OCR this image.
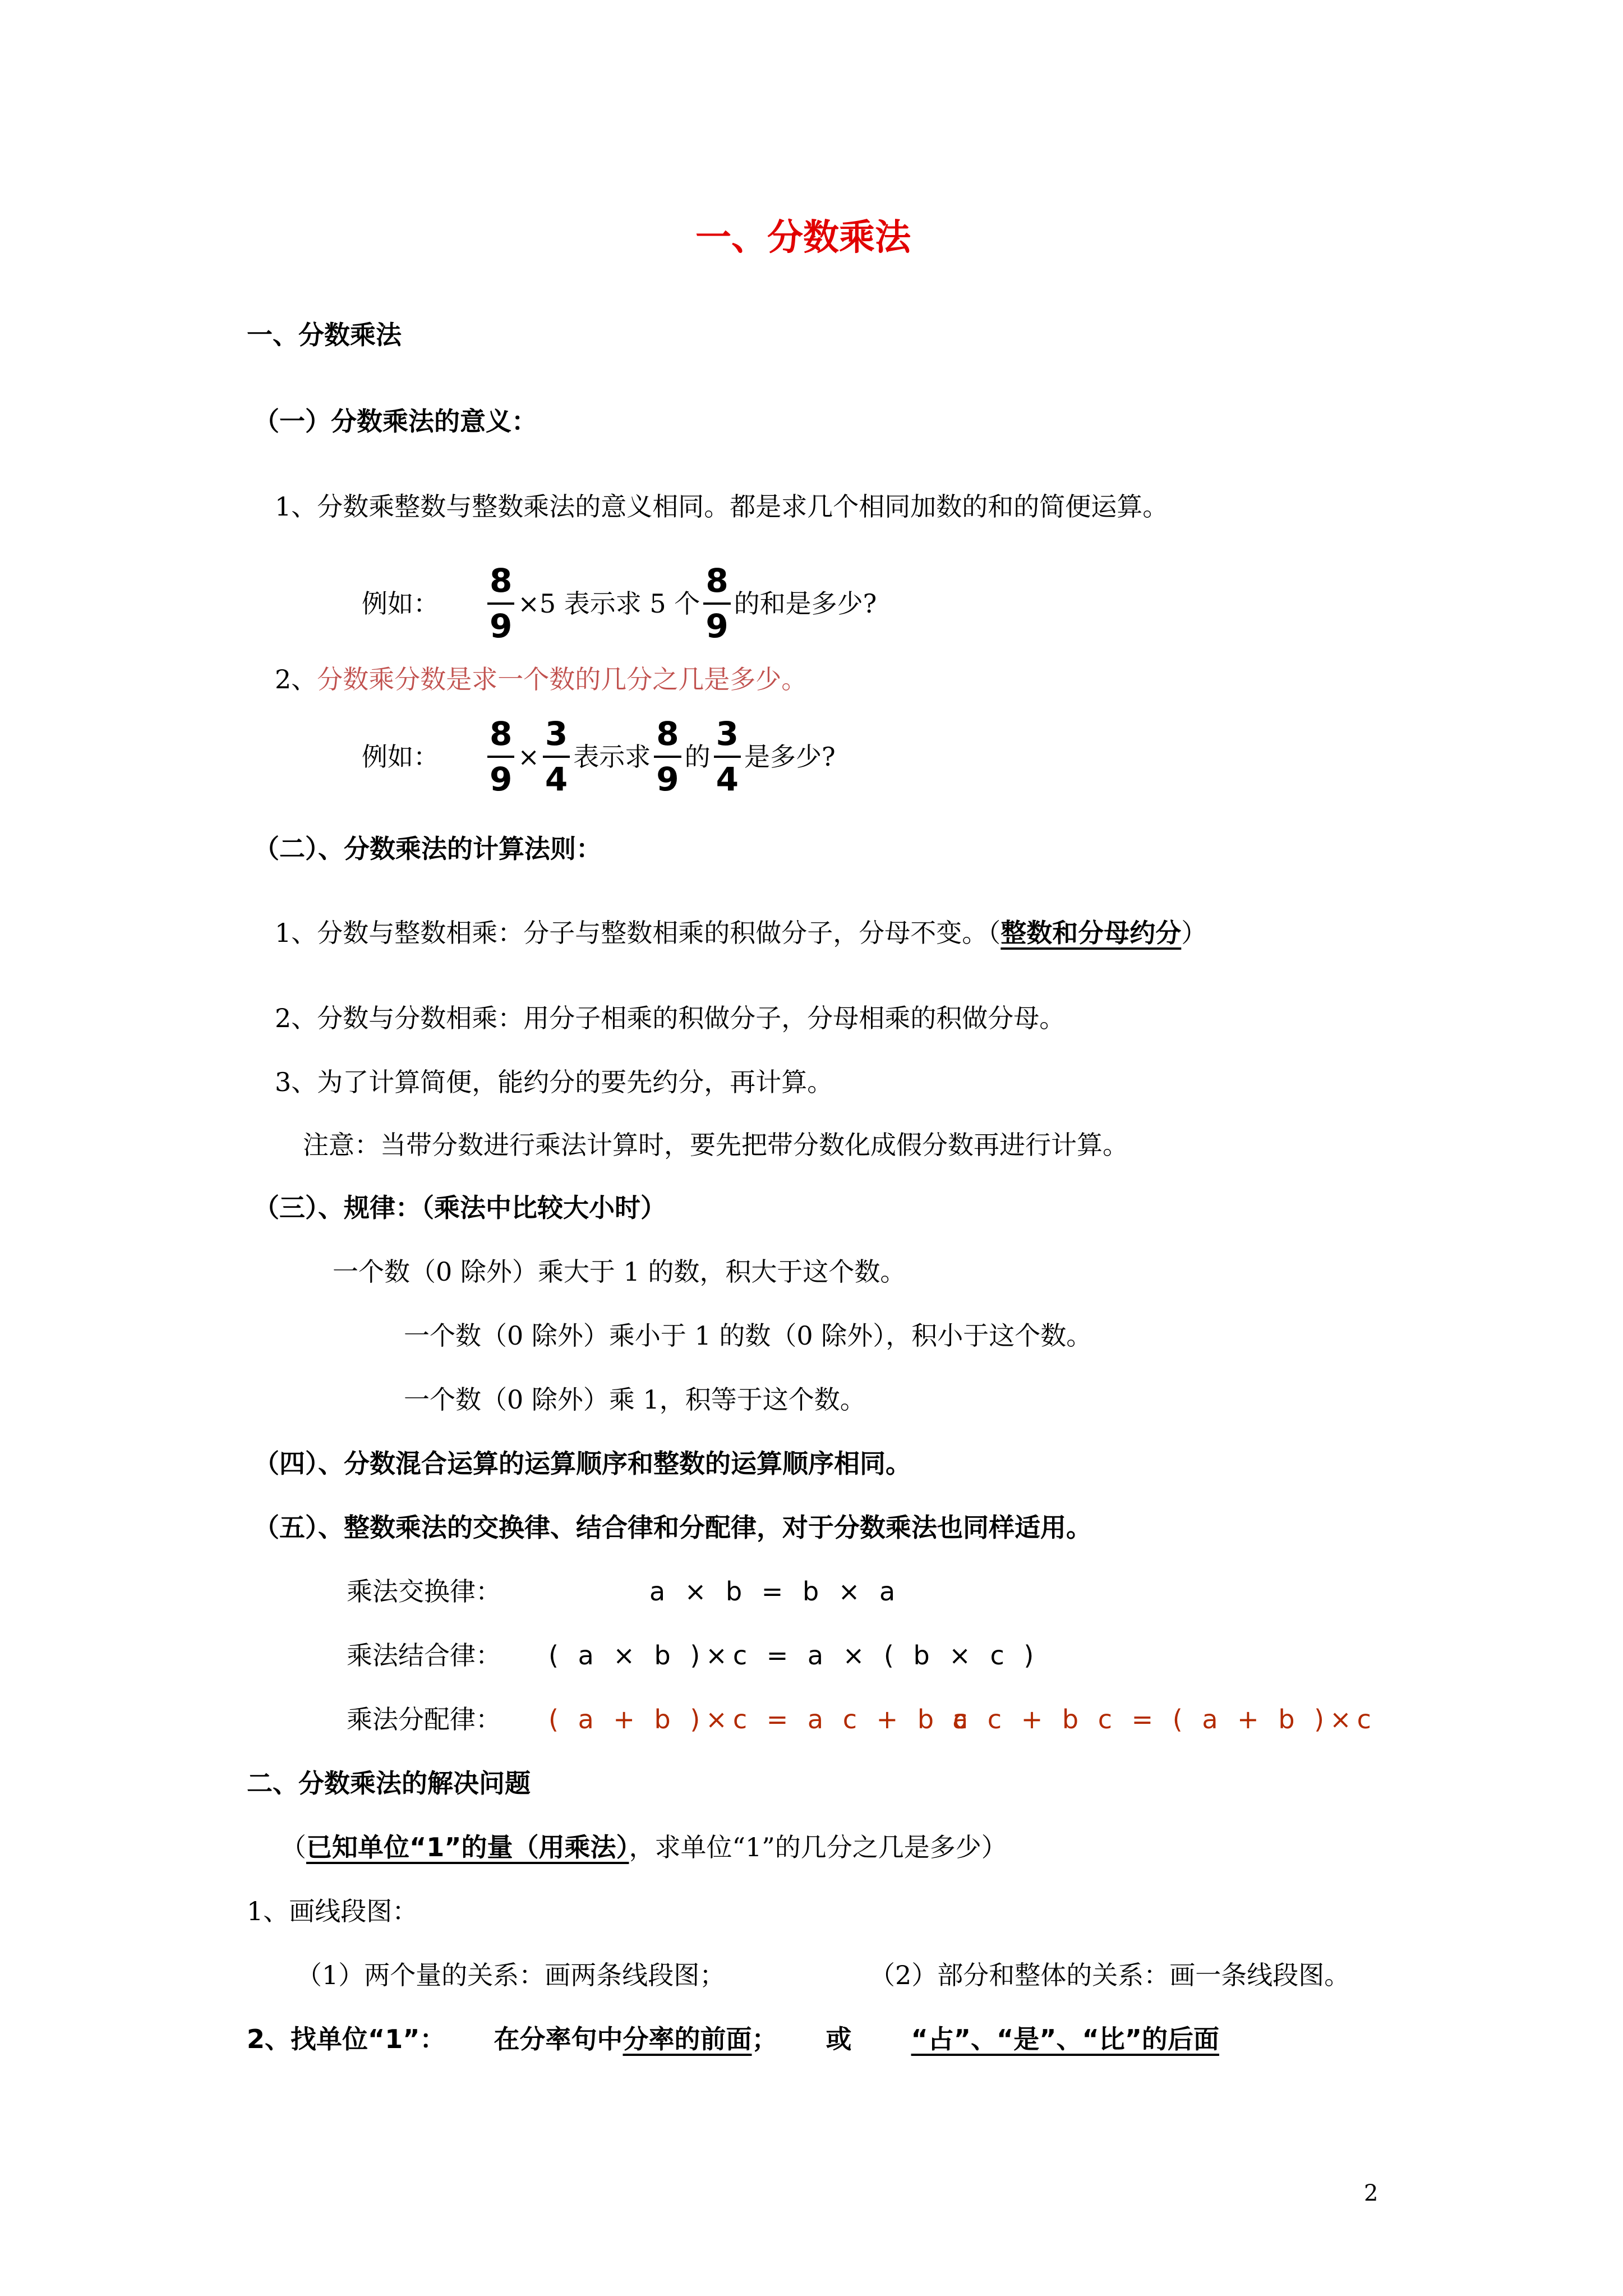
一、分数乘法
一、分数乘法
（一）分数乘法的意义：
1、分数乘整数与整数乘法的意义相同。都是求几个相同加数的和的简便运算。
例如： $\frac{8}{9} \times 5$ 表示求 5 个 $\frac{8}{9}$ 的和是多少?
2、分数乘分数是求一个数的几分之几是多少。
例如： $\frac{8}{9} \times \frac{3}{4}$ 表示求 $\frac{8}{9}$ 的 $\frac{3}{4}$ 是多少?
（二）、分数乘法的计算法则：
1、分数与整数相乘：分子与整数相乘的积做分子，分母不变。（整数和分母约分）
2、分数与分数相乘：用分子相乘的积做分子，分母相乘的积做分母。
3、为了计算简便，能约分的要先约分，再计算。
注意：当带分数进行乘法计算时，要先把带分数化成假分数再进行计算。
（三）、规律：（乘法中比较大小时）
一个数（0 除外）乘大于 1 的数，积大于这个数。
一个数（0 除外）乘小于 1 的数（0 除外），积小于这个数。
一个数（0 除外）乘 1，积等于这个数。
（四）、分数混合运算的运算顺序和整数的运算顺序相同。
（五）、整数乘法的交换律、结合律和分配律，对于分数乘法也同样适用。
乘法交换律：	a × b = b × a
乘法结合律： ( a × b )×c = a × ( b × c )
乘法分配律： ( a + b )×c = a c + b c
a c + b c = ( a + b )×c
二、分数乘法的解决问题
（已知单位“1”的量（用乘法），求单位“1”的几分之几是多少）
1、画线段图：
（1）两个量的关系：画两条线段图；	（2）部分和整体的关系：画一条线段图。
2、找单位“1”： 在分率句中分率的前面； 或 “占”、“是”、“比”的后面
2
